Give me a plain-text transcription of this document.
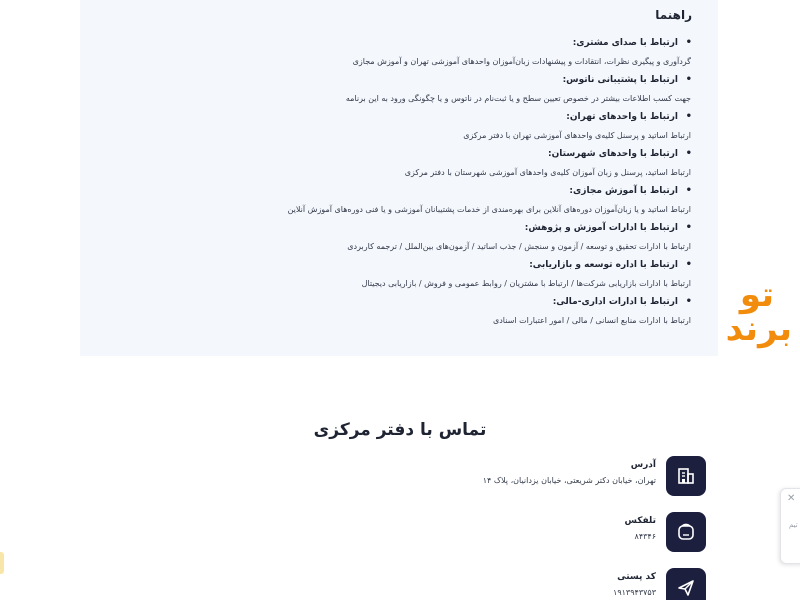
راهنما
• ارتباط با صدای مشتری:
گردآوری و پیگیری نظرات، انتقادات و پیشنهادات زبان‌آموزان واحدهای آموزشی تهران و آموزش مجازی
• ارتباط با پشتیبانی ناتوس:
جهت کسب اطلاعات بیشتر در خصوص تعیین سطح و یا ثبت‌نام در ناتوس و یا چگونگی ورود به این برنامه
• ارتباط با واحدهای تهران:
ارتباط اساتید و پرسنل کلیه‌ی واحدهای آموزشی تهران با دفتر مرکزی
• ارتباط با واحدهای شهرستان:
ارتباط اساتید، پرسنل و زبان آموزان کلیه‌ی واحدهای آموزشی شهرستان با دفتر مرکزی
• ارتباط با آموزش مجازی:
ارتباط اساتید و یا زبان‌آموزان دوره‌های آنلاین برای بهره‌مندی از خدمات پشتیبانان آموزشی و یا فنی دوره‌های آموزش آنلاین
• ارتباط با ادارات آموزش و پژوهش:
ارتباط با ادارات تحقیق و توسعه / آزمون و سنجش / جذب اساتید / آزمون‌های بین‌الملل / ترجمه کاربردی
• ارتباط با اداره توسعه و بازاریابی:
ارتباط با ادارات بازاریابی شرکت‌ها / ارتباط با مشتریان / روابط عمومی و فروش / بازاریابی دیجیتال
• ارتباط با ادارات اداری-مالی:
ارتباط با ادارات منابع انسانی / مالی / امور اعتبارات اسنادی
تو
برند
تماس با دفتر مرکزی
آدرس
تهران، خیابان دکتر شریعتی، خیابان یزدانیان، پلاک ۱۴
تلفکس
۸۴۳۴۶
کد پستی
۱۹۱۳۹۴۳۷۵۳
✕
تیم
